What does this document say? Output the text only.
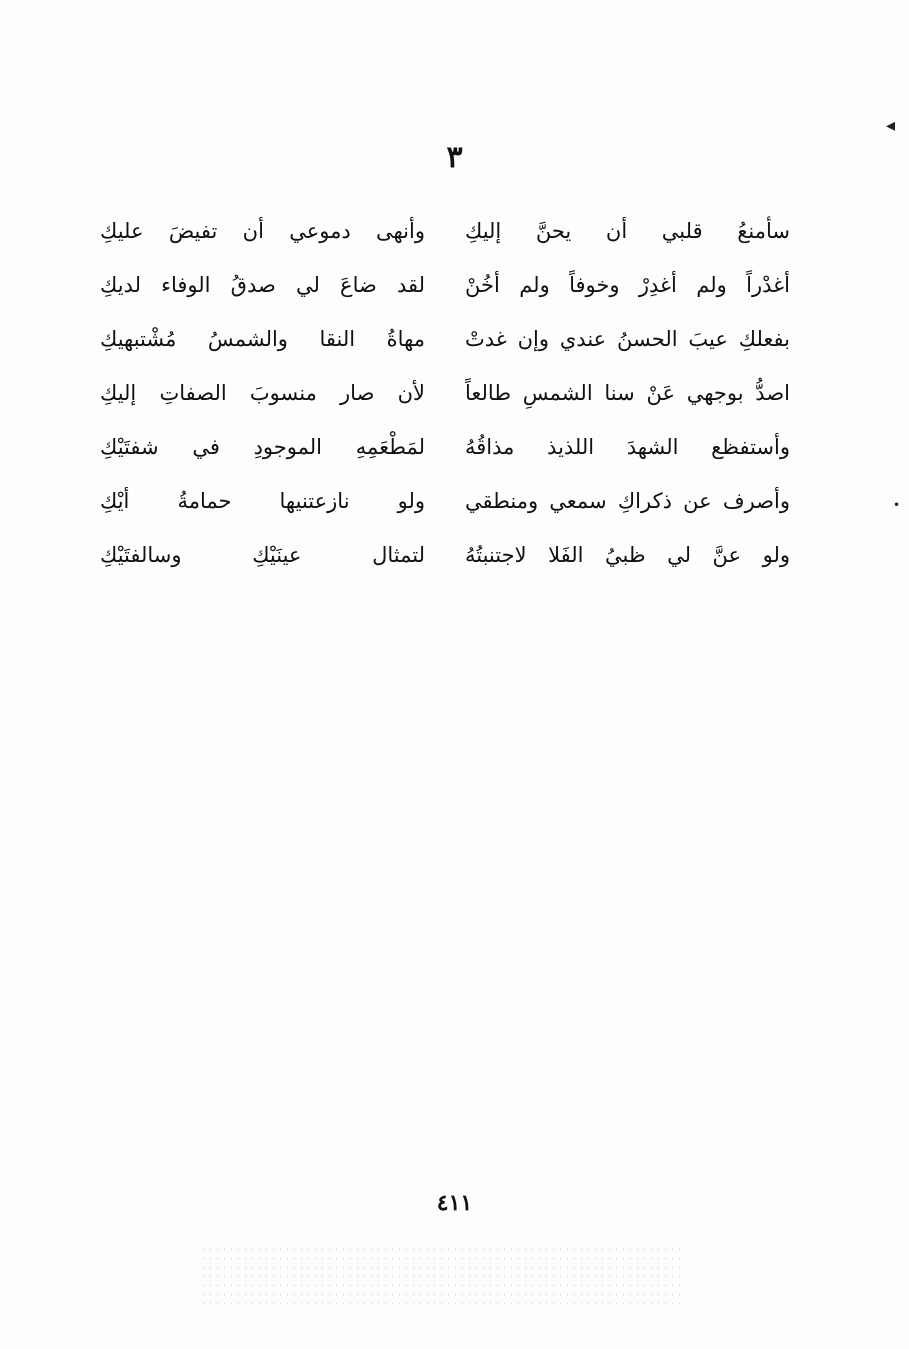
٣
سأمنعُ قلبي أن يحنَّ إليكِ
وأنهى دموعي أن تفيضَ عليكِ
أغدْراً ولم أغدِرْ وخوفاً ولم أخُنْ
لقد ضاعَ لي صدقُ الوفاء لديكِ
بفعلكِ عيبَ الحسنُ عندي وإن غدتْ
مهاةُ النقا والشمسُ مُشْتبهيكِ
اصدُّ بوجهي عَنْ سنا الشمسِ طالعاً
لأن صار منسوبَ الصفاتِ إليكِ
وأستفظع الشهدَ اللذيذ مذاقُهُ
لمَطْعَمِهِ الموجودِ في شفتَيْكِ
وأصرف عن ذكراكِ سمعي ومنطقي
ولو نازعتنيها حمامةُ أيْكِ
ولو عنَّ لي ظبيُ الفَلا لاجتنبتُهُ
لتمثال عينَيْكِ وسالفتَيْكِ
٤١١
◂
•
